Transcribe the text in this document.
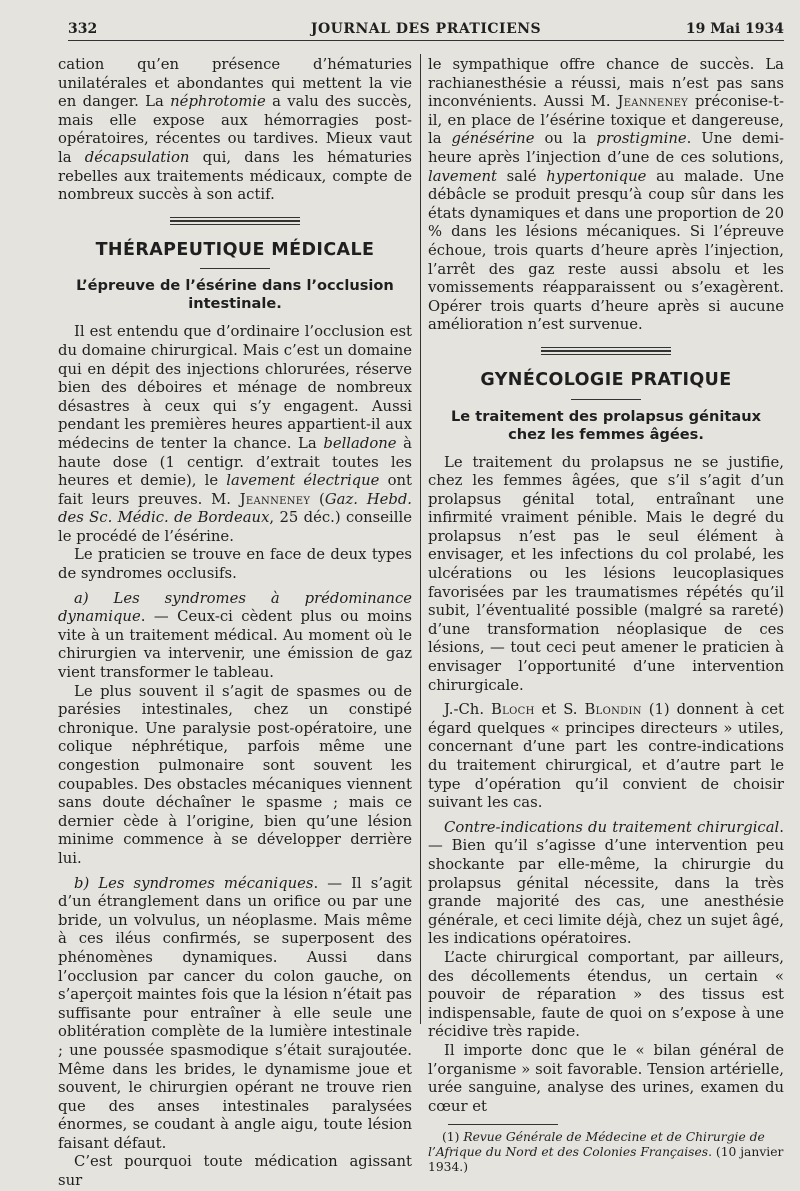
332	JOURNAL DES PRATICIENS	19 Mai 1934

cation qu’en présence d’hématuries unilatérales et abondantes qui mettent la vie en danger. La néphrotomie a valu des succès, mais elle expose aux hémorragies post-opératoires, récentes ou tardives. Mieux vaut la décapsulation qui, dans les hématuries rebelles aux traitements médicaux, compte de nombreux succès à son actif.

THÉRAPEUTIQUE MÉDICALE
L’épreuve de l’ésérine dans l’occlusion
intestinale.

Il est entendu que d’ordinaire l’occlusion est du domaine chirurgical. Mais c’est un domaine qui en dépit des injections chlorurées, réserve bien des déboires et ménage de nombreux désastres à ceux qui s’y engagent. Aussi pendant les premières heures appartient-il aux médecins de tenter la chance. La belladone à haute dose (1 centigr. d’extrait toutes les heures et demie), le lavement électrique ont fait leurs preuves. M. Jeanneney (Gaz. Hebd. des Sc. Médic. de Bordeaux, 25 déc.) conseille le procédé de l’ésérine.

Le praticien se trouve en face de deux types de syndromes occlusifs.

a) Les syndromes à prédominance dynamique. — Ceux-ci cèdent plus ou moins vite à un traitement médical. Au moment où le chirurgien va intervenir, une émission de gaz vient transformer le tableau.

Le plus souvent il s’agit de spasmes ou de parésies intestinales, chez un constipé chronique. Une paralysie post-opératoire, une colique néphrétique, parfois même une congestion pulmonaire sont souvent les coupables. Des obstacles mécaniques viennent sans doute déchaîner le spasme ; mais ce dernier cède à l’origine, bien qu’une lésion minime commence à se développer derrière lui.

b) Les syndromes mécaniques. — Il s’agit d’un étranglement dans un orifice ou par une bride, un volvulus, un néoplasme. Mais même à ces iléus confirmés, se superposent des phénomènes dynamiques. Aussi dans l’occlusion par cancer du colon gauche, on s’aperçoit maintes fois que la lésion n’était pas suffisante pour entraîner à elle seule une oblitération complète de la lumière intestinale ; une poussée spasmodique s’était surajoutée. Même dans les brides, le dynamisme joue et souvent, le chirurgien opérant ne trouve rien que des anses intestinales paralysées énormes, se coudant à angle aigu, toute lésion faisant défaut.

C’est pourquoi toute médication agissant sur

le sympathique offre chance de succès. La rachianesthésie a réussi, mais n’est pas sans inconvénients. Aussi M. Jeanneney préconise-t-il, en place de l’ésérine toxique et dangereuse, la génésérine ou la prostigmine. Une demi-heure après l’injection d’une de ces solutions, lavement salé hypertonique au malade. Une débâcle se produit presqu’à coup sûr dans les états dynamiques et dans une proportion de 20 % dans les lésions mécaniques. Si l’épreuve échoue, trois quarts d’heure après l’injection, l’arrêt des gaz reste aussi absolu et les vomissements réapparaissent ou s’exagèrent. Opérer trois quarts d’heure après si aucune amélioration n’est survenue.

GYNÉCOLOGIE PRATIQUE
Le traitement des prolapsus génitaux
chez les femmes âgées.

Le traitement du prolapsus ne se justifie, chez les femmes âgées, que s’il s’agit d’un prolapsus génital total, entraînant une infirmité vraiment pénible. Mais le degré du prolapsus n’est pas le seul élément à envisager, et les infections du col prolabé, les ulcérations ou les lésions leucoplasiques favorisées par les traumatismes répétés qu’il subit, l’éventualité possible (malgré sa rareté) d’une transformation néoplasique de ces lésions, — tout ceci peut amener le praticien à envisager l’opportunité d’une intervention chirurgicale.

J.-Ch. Bloch et S. Blondin (1) donnent à cet égard quelques « principes directeurs » utiles, concernant d’une part les contre-indications du traitement chirurgical, et d’autre part le type d’opération qu’il convient de choisir suivant les cas.

Contre-indications du traitement chirurgical. — Bien qu’il s’agisse d’une intervention peu shockante par elle-même, la chirurgie du prolapsus génital nécessite, dans la très grande majorité des cas, une anesthésie générale, et ceci limite déjà, chez un sujet âgé, les indications opératoires.

L’acte chirurgical comportant, par ailleurs, des décollements étendus, un certain « pouvoir de réparation » des tissus est indispensable, faute de quoi on s’expose à une récidive très rapide.

Il importe donc que le « bilan général de l’organisme » soit favorable. Tension artérielle, urée sanguine, analyse des urines, examen du cœur et

(1) Revue Générale de Médecine et de Chirurgie de l’Afrique du Nord et des Colonies Françaises. (10 janvier 1934.)
